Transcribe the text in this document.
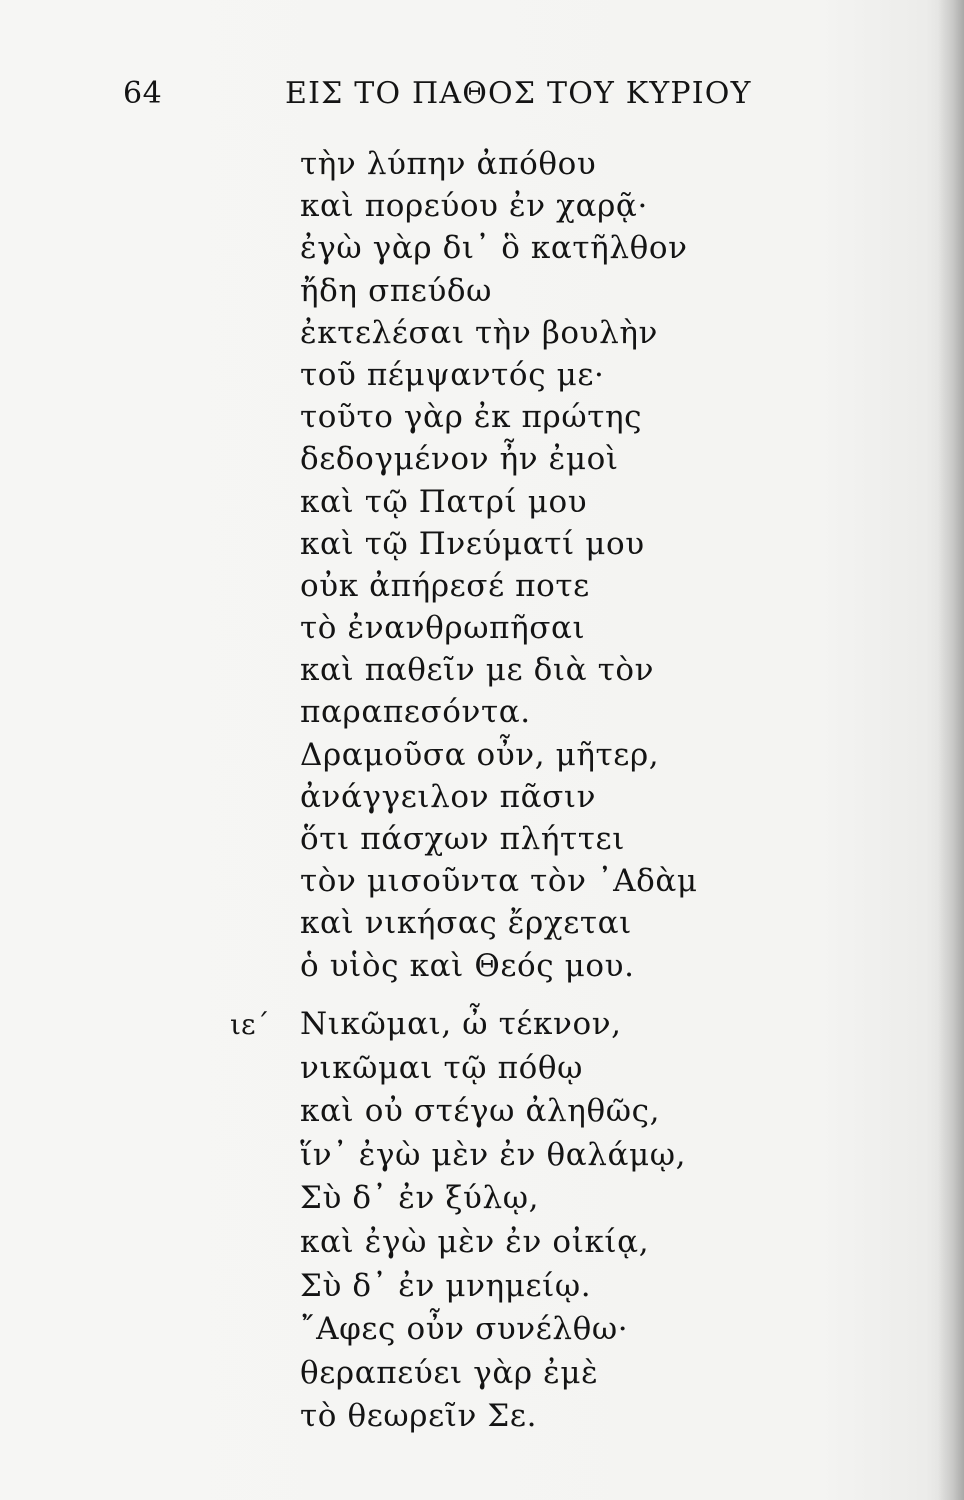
64	ΕΙΣ ΤΟ ΠΑΘΟΣ ΤΟΥ ΚΥΡΙΟΥ
τὴν λύπην ἀπόθου
καὶ πορεύου ἐν χαρᾷ·
ἐγὼ γὰρ δι᾽ ὃ κατῆλθον
ἤδη σπεύδω
ἐκτελέσαι τὴν βουλὴν
τοῦ πέμψαντός με·
τοῦτο γὰρ ἐκ πρώτης
δεδογμένον ἦν ἐμοὶ
καὶ τῷ Πατρί μου
καὶ τῷ Πνεύματί μου
οὐκ ἀπήρεσέ ποτε
τὸ ἐνανθρωπῆσαι
καὶ παθεῖν με διὰ τὸν
παραπεσόντα.
Δραμοῦσα οὖν, μῆτερ,
ἀνάγγειλον πᾶσιν
ὅτι πάσχων πλήττει
τὸν μισοῦντα τὸν ᾿Αδὰμ
καὶ νικήσας ἔρχεται
ὁ υἱὸς καὶ Θεός μου.
ιε´ Νικῶμαι, ὦ τέκνον,
νικῶμαι τῷ πόθῳ
καὶ οὐ στέγω ἀληθῶς,
ἵν᾽ ἐγὼ μὲν ἐν θαλάμῳ,
Σὺ δ᾽ ἐν ξύλῳ,
καὶ ἐγὼ μὲν ἐν οἰκίᾳ,
Σὺ δ᾽ ἐν μνημείῳ.
῎Αφες οὖν συνέλθω·
θεραπεύει γὰρ ἐμὲ
τὸ θεωρεῖν Σε.
